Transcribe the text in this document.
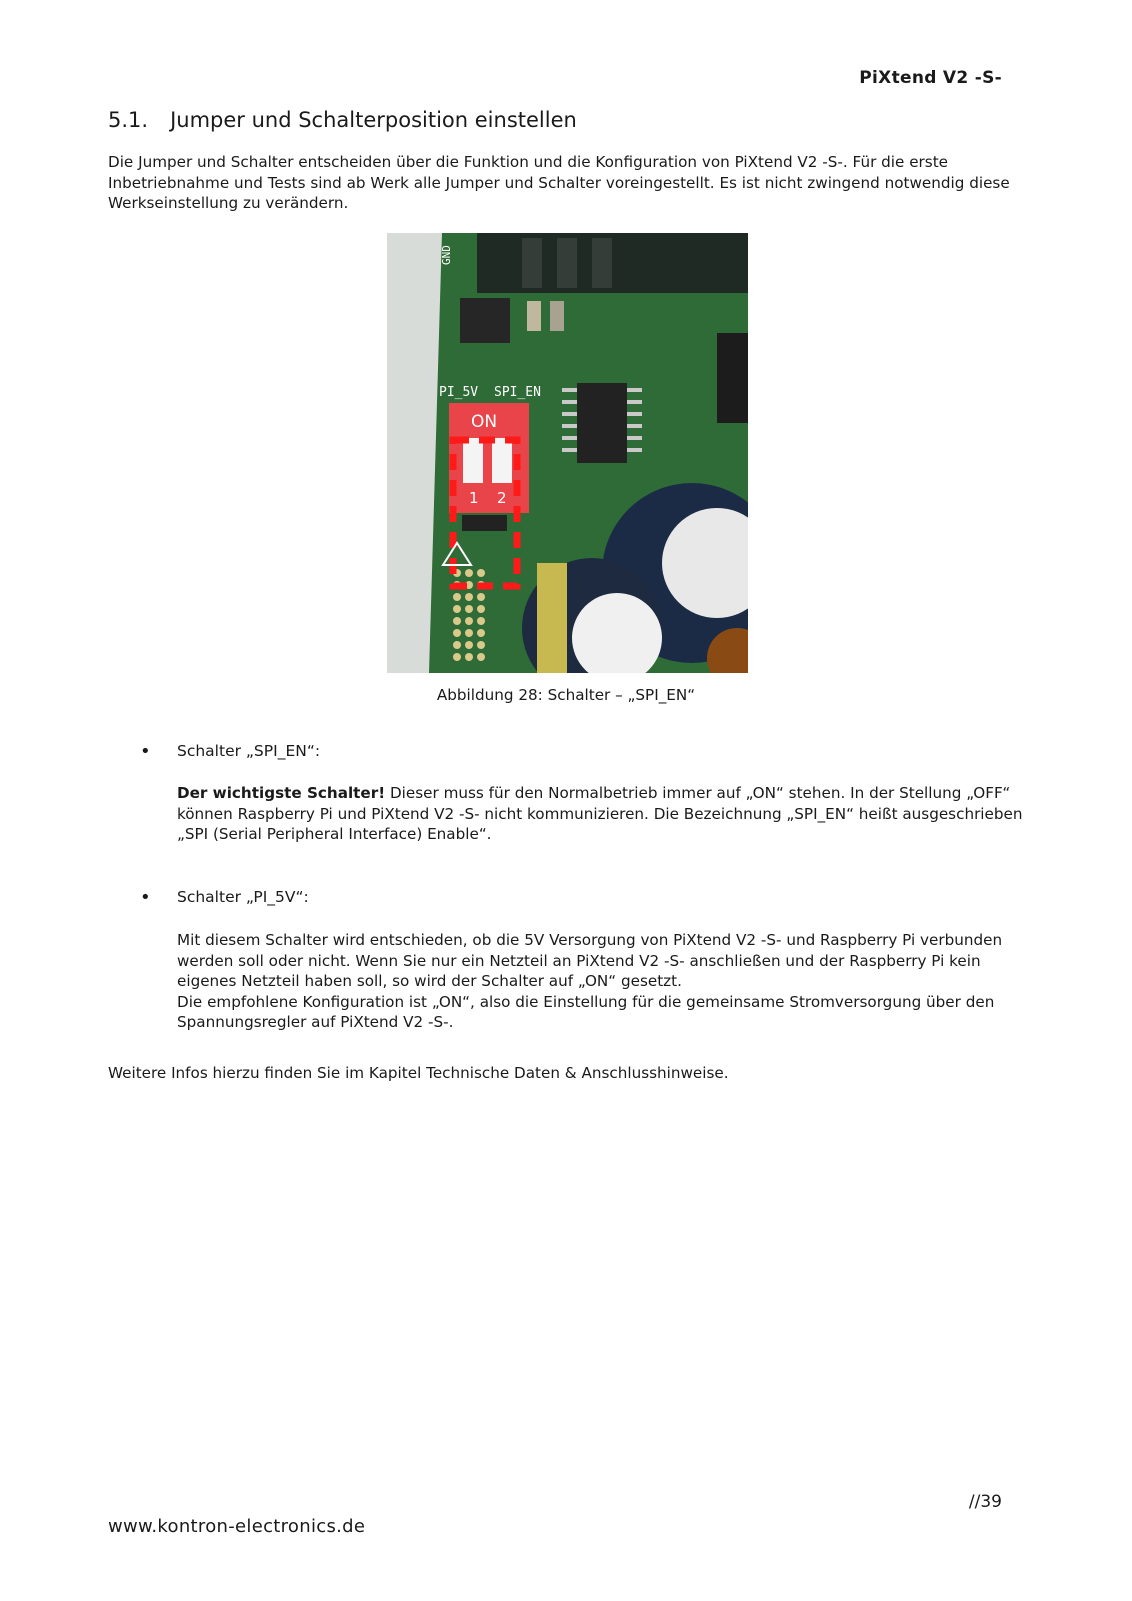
PiXtend V2 -S-
5.1. Jumper und Schalterposition einstellen

Die Jumper und Schalter entscheiden über die Funktion und die Konfiguration von PiXtend V2 -S-. Für die erste Inbetriebnahme und Tests sind ab Werk alle Jumper und Schalter voreingestellt. Es ist nicht zwingend notwendig diese Werkseinstellung zu verändern.

GND
PI_5V SPI_EN
ON
1 2
Abbildung 28: Schalter – „SPI_EN“
• Schalter „SPI_EN“:

Der wichtigste Schalter! Dieser muss für den Normalbetrieb immer auf „ON“ stehen. In der Stellung „OFF“ können Raspberry Pi und PiXtend V2 -S- nicht kommunizieren. Die Bezeichnung „SPI_EN“ heißt ausgeschrieben „SPI (Serial Peripheral Interface) Enable“.

• Schalter „PI_5V“:

Mit diesem Schalter wird entschieden, ob die 5V Versorgung von PiXtend V2 -S- und Raspberry Pi verbunden werden soll oder nicht. Wenn Sie nur ein Netzteil an PiXtend V2 -S- anschließen und der Raspberry Pi kein eigenes Netzteil haben soll, so wird der Schalter auf „ON“ gesetzt.

Die empfohlene Konfiguration ist „ON“, also die Einstellung für die gemeinsame Stromversorgung über den Spannungsregler auf PiXtend V2 -S-.

Weitere Infos hierzu finden Sie im Kapitel Technische Daten & Anschlusshinweise.

//39
www.kontron-electronics.de
